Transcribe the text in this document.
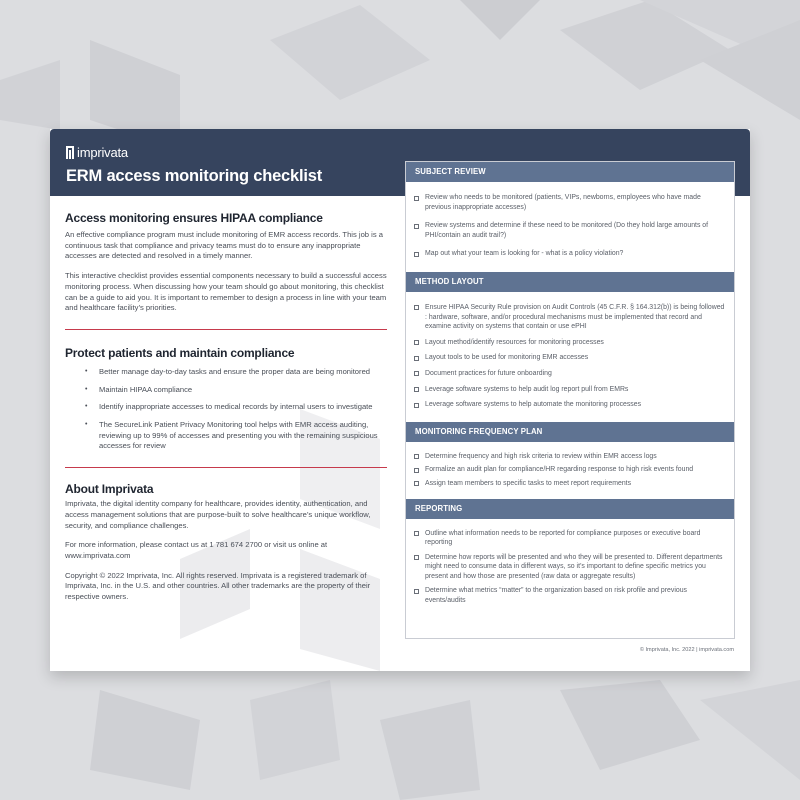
imprivata
ERM access monitoring checklist
Access monitoring ensures HIPAA compliance

An effective compliance program must include monitoring of EMR access records. This job is a continuous task that compliance and privacy teams must do to ensure any inappropriate accesses are detected and resolved in a timely manner.

This interactive checklist provides essential components necessary to build a successful access monitoring process. When discussing how your team should go about monitoring, this checklist can be a guide to aid you. It is important to remember to design a process in line with your team and healthcare facility’s priorities.

Protect patients and maintain compliance
• Better manage day-to-day tasks and ensure the proper data are being monitored
• Maintain HIPAA compliance
• Identify inappropriate accesses to medical records by internal users to investigate
• The SecureLink Patient Privacy Monitoring tool helps with EMR access auditing, reviewing up to 99% of accesses and presenting you with the remaining suspicious accesses for review
About Imprivata

Imprivata, the digital identity company for healthcare, provides identity, authentication, and access management solutions that are purpose-built to solve healthcare’s unique workflow, security, and compliance challenges.

For more information, please contact us at 1 781 674 2700 or visit us online at www.imprivata.com

Copyright © 2022 Imprivata, Inc. All rights reserved. Imprivata is a registered trademark of Imprivata, Inc. in the U.S. and other countries. All other trademarks are the property of their respective owners.

SUBJECT REVIEW
Review who needs to be monitored (patients, VIPs, newborns, employees who have made previous inappropriate accesses)
Review systems and determine if these need to be monitored (Do they hold large amounts of PHI/contain an audit trail?)
Map out what your team is looking for - what is a policy violation?
METHOD LAYOUT
Ensure HIPAA Security Rule provision on Audit Controls (45 C.F.R. § 164.312(b)) is being followed : hardware, software, and/or procedural mechanisms must be implemented that record and examine activity on systems that contain or use ePHI
Layout method/identify resources for monitoring processes
Layout tools to be used for monitoring EMR accesses
Document practices for future onboarding
Leverage software systems to help audit log report pull from EMRs
Leverage software systems to help automate the monitoring processes
MONITORING FREQUENCY PLAN
Determine frequency and high risk criteria to review within EMR access logs
Formalize an audit plan for compliance/HR regarding response to high risk events found
Assign team members to specific tasks to meet report requirements
REPORTING
Outline what information needs to be reported for compliance purposes or executive board reporting
Determine how reports will be presented and who they will be presented to. Different departments might need to consume data in different ways, so it’s important to define specific metrics you present and how those are presented (raw data or aggregate results)
Determine what metrics “matter” to the organization based on risk profile and previous events/audits
© Imprivata, Inc. 2022 | imprivata.com
